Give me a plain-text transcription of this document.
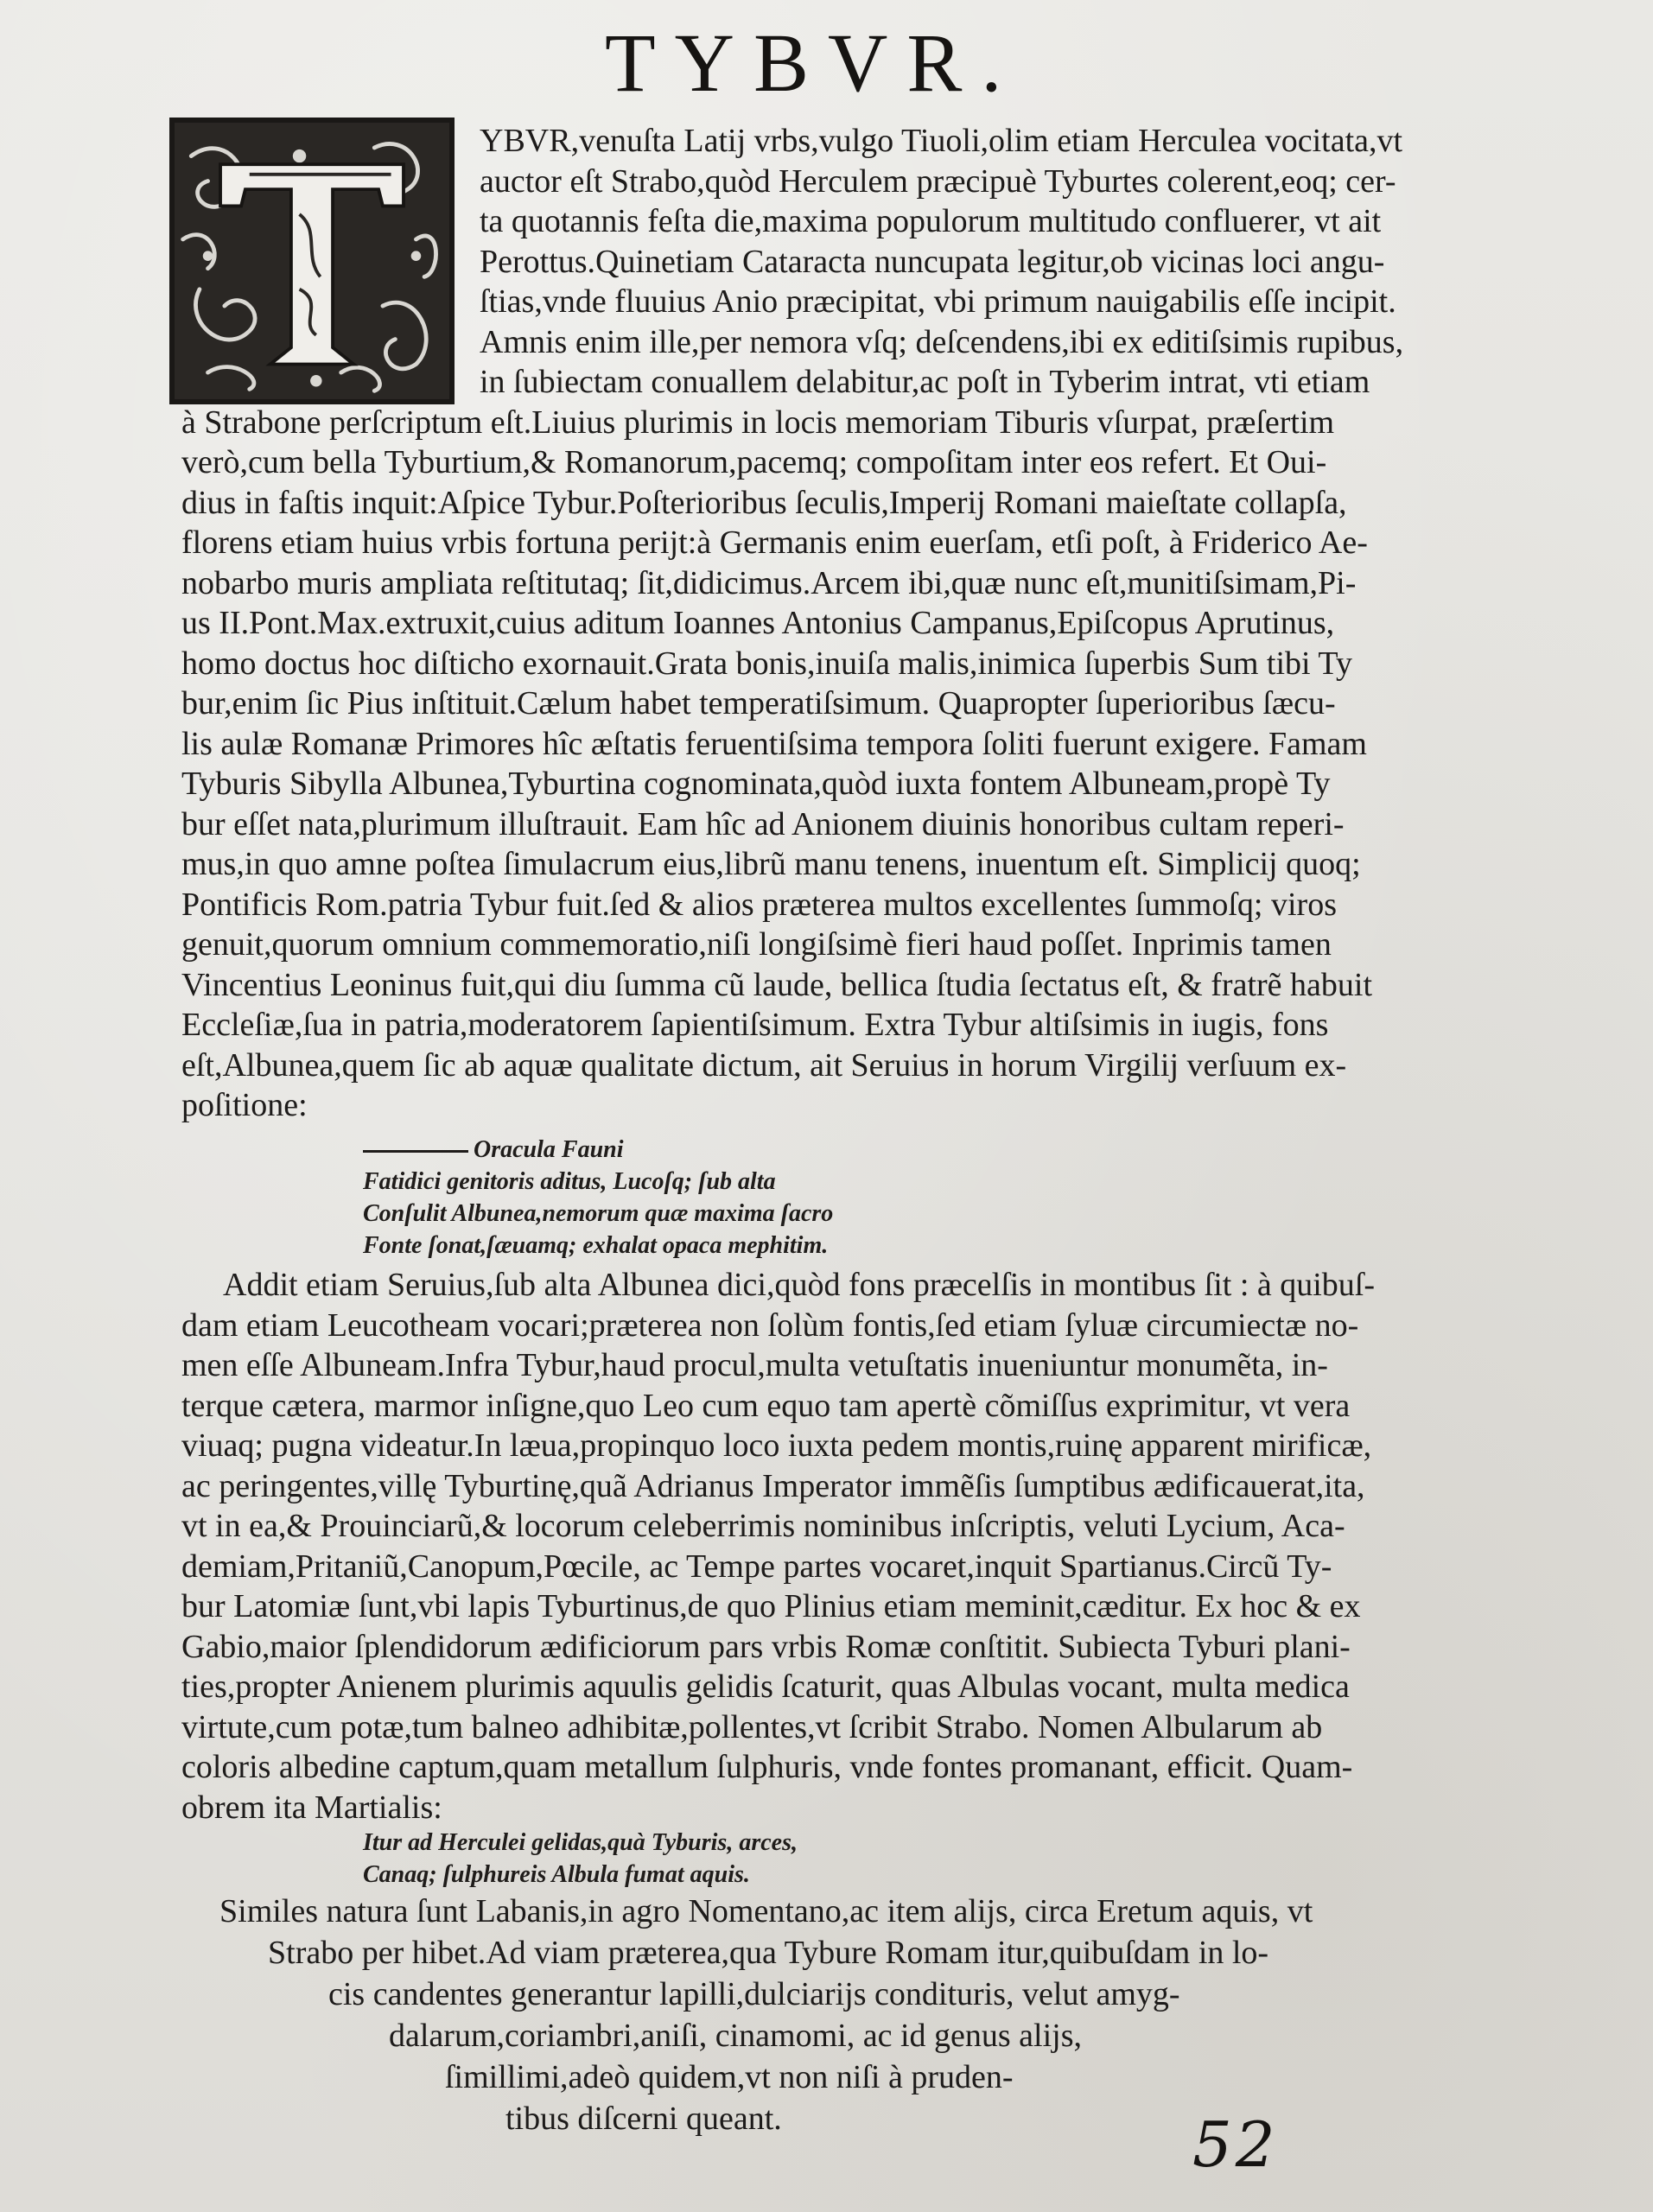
TYBVR.
YBVR,venuſta Latij vrbs,vulgo Tiuoli,olim etiam Herculea vocitata,vt
auctor eſt Strabo,quòd Herculem præcipuè Tyburtes colerent,eoq; cer-
ta quotannis feſta die,maxima populorum multitudo confluerer, vt ait
Perottus.Quinetiam Cataracta nuncupata legitur,ob vicinas loci angu-
ſtias,vnde fluuius Anio præcipitat, vbi primum nauigabilis eſſe incipit.
Amnis enim ille,per nemora vſq; deſcendens,ibi ex editiſsimis rupibus,
in ſubiectam conuallem delabitur,ac poſt in Tyberim intrat, vti etiam
à Strabone perſcriptum eſt.Liuius plurimis in locis memoriam Tiburis vſurpat, præſertim
verò,cum bella Tyburtium,& Romanorum,pacemq; compoſitam inter eos refert. Et Oui-
dius in faſtis inquit:Aſpice Tybur.Poſterioribus ſeculis,Imperij Romani maieſtate collapſa,
florens etiam huius vrbis fortuna perijt:à Germanis enim euerſam, etſi poſt, à Friderico Ae-
nobarbo muris ampliata reſtitutaq; ſit,didicimus.Arcem ibi,quæ nunc eſt,munitiſsimam,Pi-
us II.Pont.Max.extruxit,cuius aditum Ioannes Antonius Campanus,Epiſcopus Aprutinus,
homo doctus hoc diſticho exornauit.Grata bonis,inuiſa malis,inimica ſuperbis Sum tibi Ty
bur,enim ſic Pius inſtituit.Cælum habet temperatiſsimum. Quapropter ſuperioribus ſæcu-
lis aulæ Romanæ Primores hîc æſtatis feruentiſsima tempora ſoliti fuerunt exigere. Famam
Tyburis Sibylla Albunea,Tyburtina cognominata,quòd iuxta fontem Albuneam,propè Ty
bur eſſet nata,plurimum illuſtrauit. Eam hîc ad Anionem diuinis honoribus cultam reperi-
mus,in quo amne poſtea ſimulacrum eius,librũ manu tenens, inuentum eſt. Simplicij quoq;
Pontificis Rom.patria Tybur fuit.ſed & alios præterea multos excellentes ſummoſq; viros
genuit,quorum omnium commemoratio,niſi longiſsimè fieri haud poſſet. Inprimis tamen
Vincentius Leoninus fuit,qui diu ſumma cũ laude, bellica ſtudia ſectatus eſt, & fratrẽ habuit
Eccleſiæ,ſua in patria,moderatorem ſapientiſsimum. Extra Tybur altiſsimis in iugis, fons
eſt,Albunea,quem ſic ab aquæ qualitate dictum, ait Seruius in horum Virgilij verſuum ex-
poſitione:
Oracula Fauni
Fatidici genitoris aditus, Lucoſq; ſub alta
Conſulit Albunea,nemorum quæ maxima ſacro
Fonte ſonat,ſæuamq; exhalat opaca mephitim.
Addit etiam Seruius,ſub alta Albunea dici,quòd fons præcelſis in montibus ſit : à quibuſ-
dam etiam Leucotheam vocari;præterea non ſolùm fontis,ſed etiam ſyluæ circumiectæ no-
men eſſe Albuneam.Infra Tybur,haud procul,multa vetuſtatis inueniuntur monumẽta, in-
terque cætera, marmor inſigne,quo Leo cum equo tam apertè cõmiſſus exprimitur, vt vera
viuaq; pugna videatur.In læua,propinquo loco iuxta pedem montis,ruinę apparent mirificæ,
ac peringentes,villę Tyburtinę,quã Adrianus Imperator immẽſis ſumptibus ædificauerat,ita,
vt in ea,& Prouinciarũ,& locorum celeberrimis nominibus inſcriptis, veluti Lycium, Aca-
demiam,Pritaniũ,Canopum,Pœcile, ac Tempe partes vocaret,inquit Spartianus.Circũ Ty-
bur Latomiæ ſunt,vbi lapis Tyburtinus,de quo Plinius etiam meminit,cæditur. Ex hoc & ex
Gabio,maior ſplendidorum ædificiorum pars vrbis Romæ conſtitit. Subiecta Tyburi plani-
ties,propter Anienem plurimis aquulis gelidis ſcaturit, quas Albulas vocant, multa medica
virtute,cum potæ,tum balneo adhibitæ,pollentes,vt ſcribit Strabo. Nomen Albularum ab
coloris albedine captum,quam metallum ſulphuris, vnde fontes promanant, efficit. Quam-
obrem ita Martialis:
Itur ad Herculei gelidas,quà Tyburis, arces,
Canaq; ſulphureis Albula fumat aquis.
Similes natura ſunt Labanis,in agro Nomentano,ac item alijs, circa Eretum aquis, vt
Strabo per hibet.Ad viam præterea,qua Tybure Romam itur,quibuſdam in lo-
cis candentes generantur lapilli,dulciarijs condituris, velut amyg-
dalarum,coriambri,aniſi, cinamomi, ac id genus alijs,
ſimillimi,adeò quidem,vt non niſi à pruden-
tibus diſcerni queant.	52
